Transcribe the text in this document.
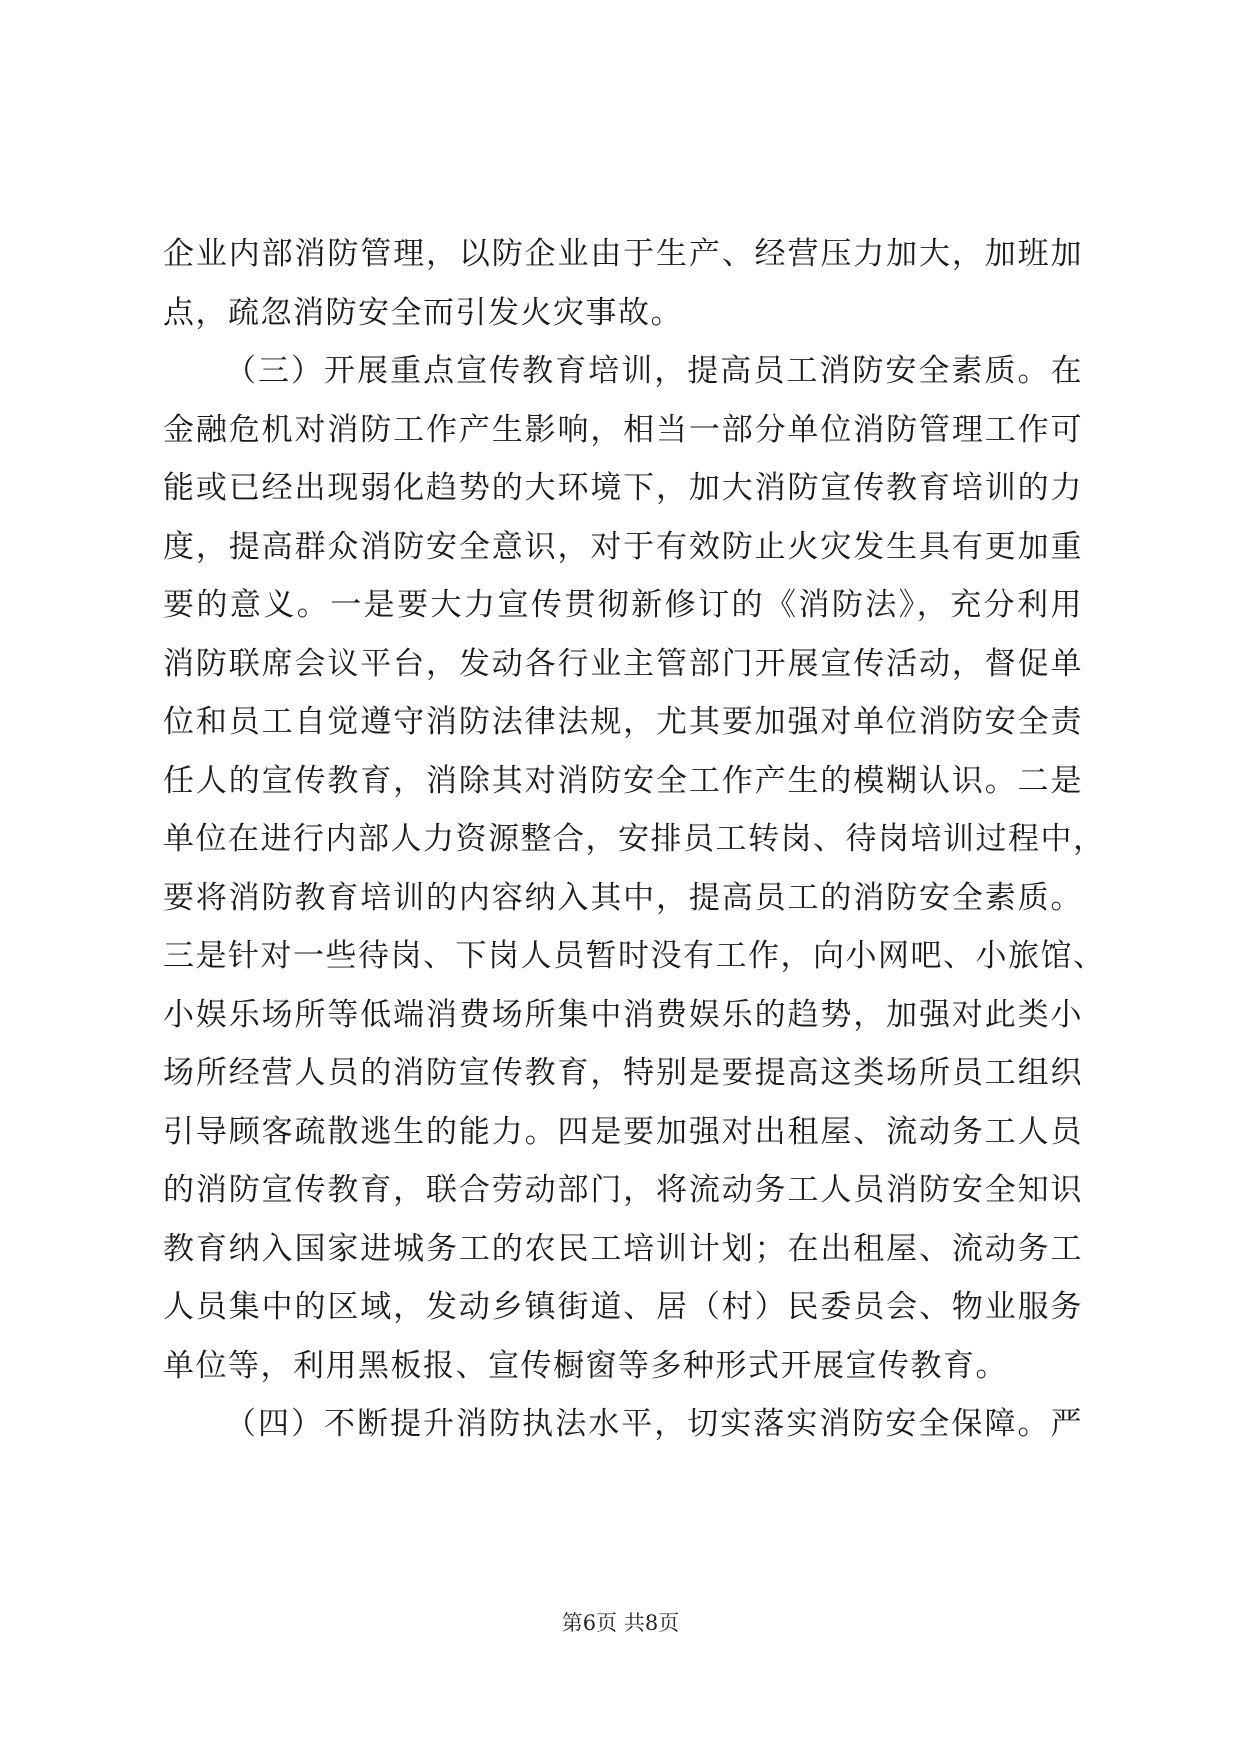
企业内部消防管理，以防企业由于生产、经营压力加大，加班加
点，疏忽消防安全而引发火灾事故。
（三）开展重点宣传教育培训，提高员工消防安全素质。在
金融危机对消防工作产生影响，相当一部分单位消防管理工作可
能或已经出现弱化趋势的大环境下，加大消防宣传教育培训的力
度，提高群众消防安全意识，对于有效防止火灾发生具有更加重
要的意义。一是要大力宣传贯彻新修订的《消防法》，充分利用
消防联席会议平台，发动各行业主管部门开展宣传活动，督促单
位和员工自觉遵守消防法律法规，尤其要加强对单位消防安全责
任人的宣传教育，消除其对消防安全工作产生的模糊认识。二是
单位在进行内部人力资源整合，安排员工转岗、待岗培训过程中，
要将消防教育培训的内容纳入其中，提高员工的消防安全素质。
三是针对一些待岗、下岗人员暂时没有工作，向小网吧、小旅馆、
小娱乐场所等低端消费场所集中消费娱乐的趋势，加强对此类小
场所经营人员的消防宣传教育，特别是要提高这类场所员工组织
引导顾客疏散逃生的能力。四是要加强对出租屋、流动务工人员
的消防宣传教育，联合劳动部门，将流动务工人员消防安全知识
教育纳入国家进城务工的农民工培训计划；在出租屋、流动务工
人员集中的区域，发动乡镇街道、居（村）民委员会、物业服务
单位等，利用黑板报、宣传橱窗等多种形式开展宣传教育。
（四）不断提升消防执法水平，切实落实消防安全保障。严
第6页 共8页
